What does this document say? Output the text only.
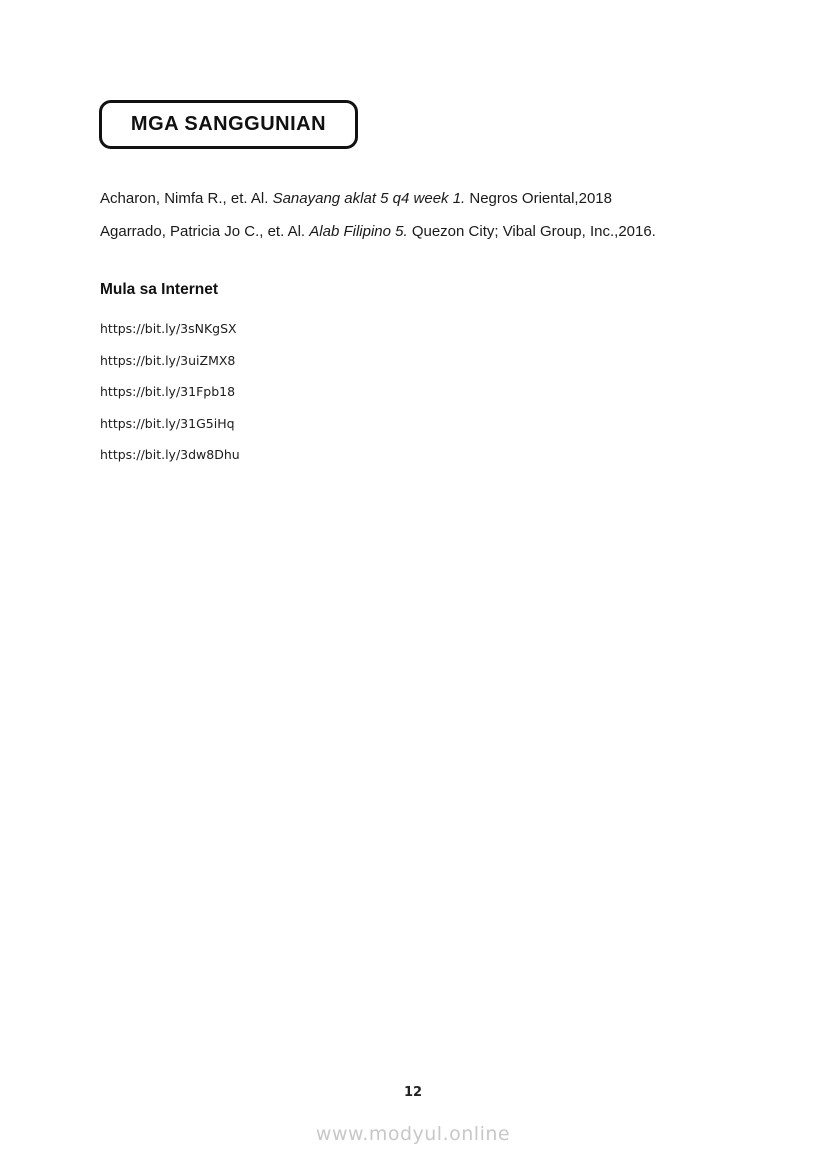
MGA SANGGUNIAN
Acharon, Nimfa R., et. Al. Sanayang aklat 5 q4 week 1. Negros Oriental,2018
Agarrado, Patricia Jo C., et. Al. Alab Filipino 5. Quezon City; Vibal Group, Inc.,2016.
Mula sa Internet
https://bit.ly/3sNKgSX
https://bit.ly/3uiZMX8
https://bit.ly/31Fpb18
https://bit.ly/31G5iHq
https://bit.ly/3dw8Dhu
12
www.modyul.online
